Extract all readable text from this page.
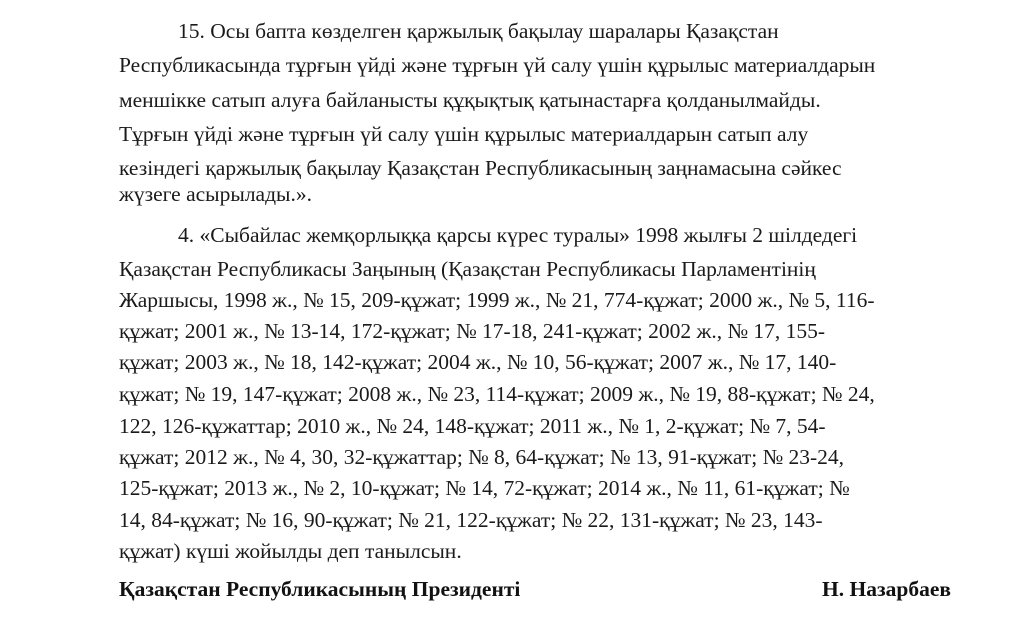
15. Осы бапта көзделген қаржылық бақылау шаралары Қазақстан
Республикасында тұрғын үйді және тұрғын үй салу үшін құрылыс материалдарын
меншікке сатып алуға байланысты құқықтық қатынастарға қолданылмайды.
Тұрғын үйді және тұрғын үй салу үшін құрылыс материалдарын сатып алу
кезіндегі қаржылық бақылау Қазақстан Республикасының заңнамасына сәйкес
жүзеге асырылады.».
4. «Сыбайлас жемқорлыққа қарсы күрес туралы» 1998 жылғы 2 шілдедегі
Қазақстан Республикасы Заңының (Қазақстан Республикасы Парламентінің
Жаршысы, 1998 ж., № 15, 209-құжат; 1999 ж., № 21, 774-құжат; 2000 ж., № 5, 116-
құжат; 2001 ж., № 13-14, 172-құжат; № 17-18, 241-құжат; 2002 ж., № 17, 155-
құжат; 2003 ж., № 18, 142-құжат; 2004 ж., № 10, 56-құжат; 2007 ж., № 17, 140-
құжат; № 19, 147-құжат; 2008 ж., № 23, 114-құжат; 2009 ж., № 19, 88-құжат; № 24,
122, 126-құжаттар; 2010 ж., № 24, 148-құжат; 2011 ж., № 1, 2-құжат; № 7, 54-
құжат; 2012 ж., № 4, 30, 32-құжаттар; № 8, 64-құжат; № 13, 91-құжат; № 23-24,
125-құжат; 2013 ж., № 2, 10-құжат; № 14, 72-құжат; 2014 ж., № 11, 61-құжат; №
14, 84-құжат; № 16, 90-құжат; № 21, 122-құжат; № 22, 131-құжат; № 23, 143-
құжат) күші жойылды деп танылсын.
Қазақстан Республикасының Президенті	Н. Назарбаев
